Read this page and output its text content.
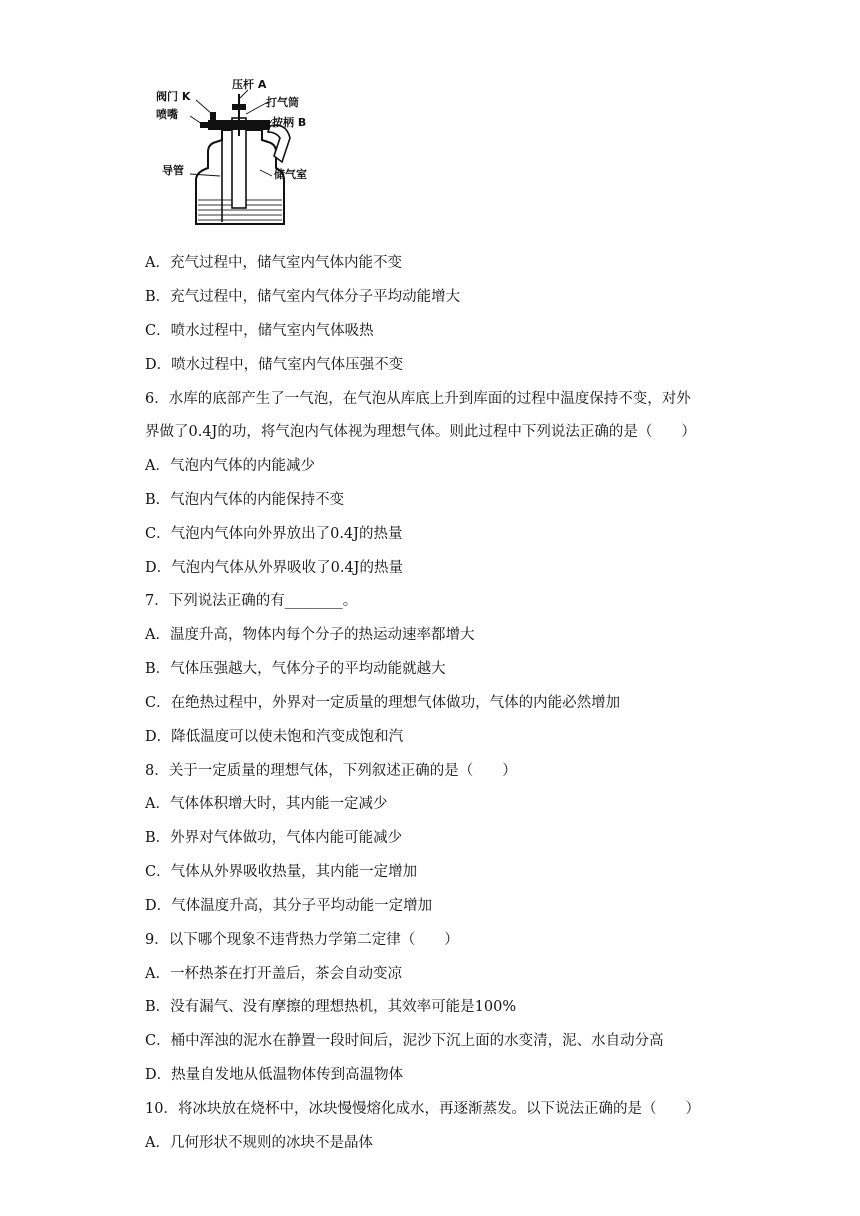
阀门 K
喷嘴
压杆 A
打气筒
按柄 B
导管	储气室
A．充气过程中，储气室内气体内能不变
B．充气过程中，储气室内气体分子平均动能增大
C．喷水过程中，储气室内气体吸热
D．喷水过程中，储气室内气体压强不变
6．水库的底部产生了一气泡，在气泡从库底上升到库面的过程中温度保持不变，对外
界做了0.4J的功，将气泡内气体视为理想气体。则此过程中下列说法正确的是（　　）
A．气泡内气体的内能减少
B．气泡内气体的内能保持不变
C．气泡内气体向外界放出了0.4J的热量
D．气泡内气体从外界吸收了0.4J的热量
7．下列说法正确的有________。
A．温度升高，物体内每个分子的热运动速率都增大
B．气体压强越大，气体分子的平均动能就越大
C．在绝热过程中，外界对一定质量的理想气体做功，气体的内能必然增加
D．降低温度可以使未饱和汽变成饱和汽
8．关于一定质量的理想气体，下列叙述正确的是（　　）
A．气体体积增大时，其内能一定减少
B．外界对气体做功，气体内能可能减少
C．气体从外界吸收热量，其内能一定增加
D．气体温度升高，其分子平均动能一定增加
9．以下哪个现象不违背热力学第二定律（　　）
A．一杯热茶在打开盖后，茶会自动变凉
B．没有漏气、没有摩擦的理想热机，其效率可能是100%
C．桶中浑浊的泥水在静置一段时间后，泥沙下沉上面的水变清，泥、水自动分高
D．热量自发地从低温物体传到高温物体
10．将冰块放在烧杯中，冰块慢慢熔化成水，再逐渐蒸发。以下说法正确的是（　　）
A．几何形状不规则的冰块不是晶体
